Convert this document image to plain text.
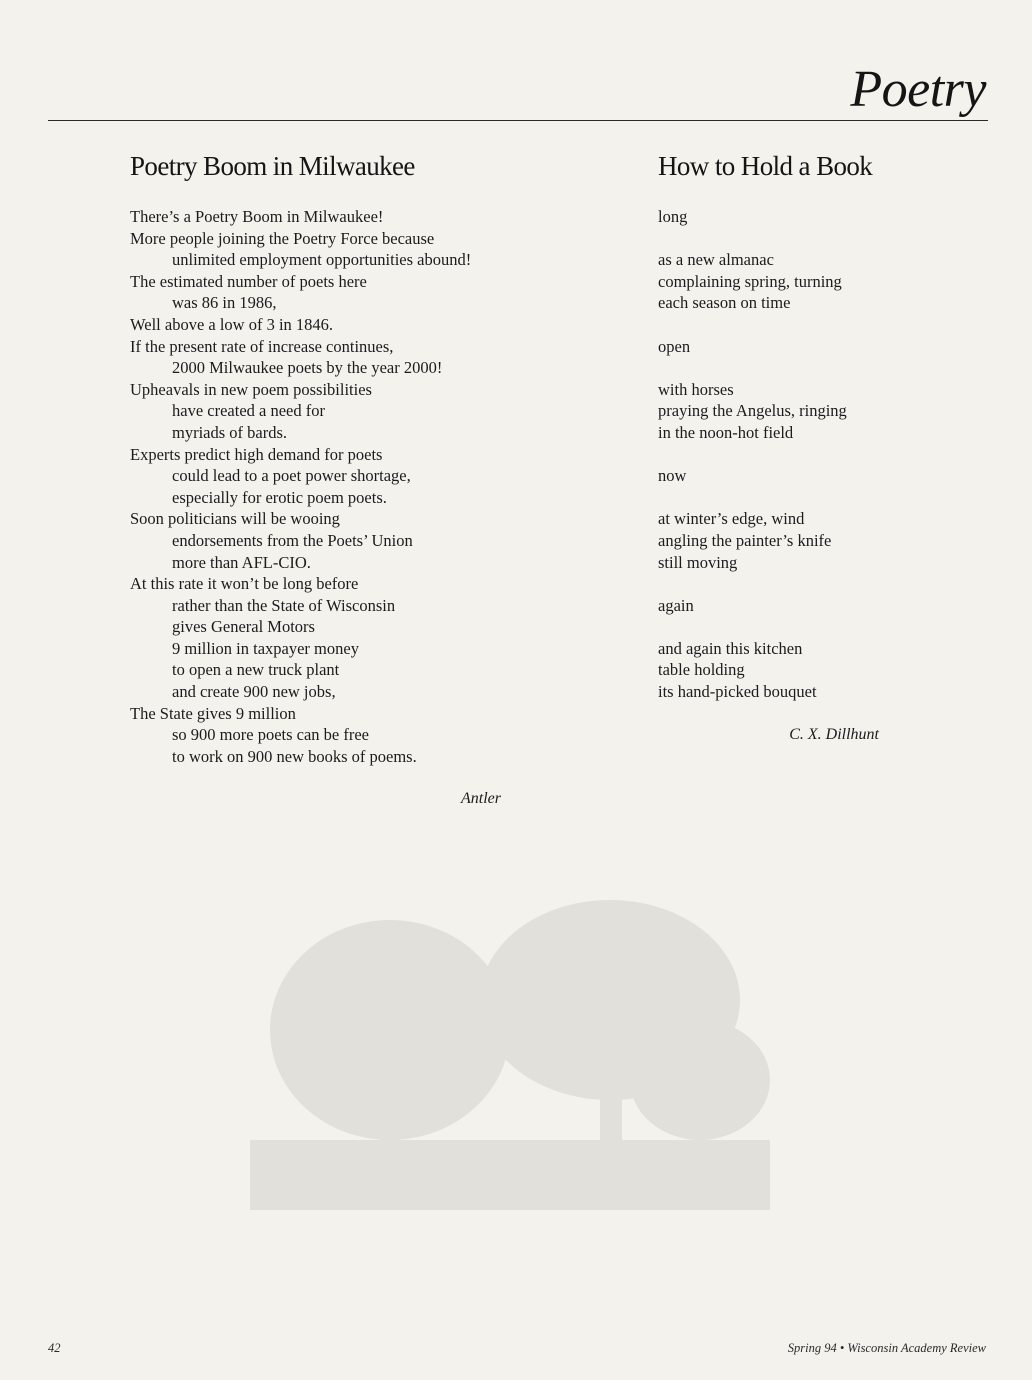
Poetry
Poetry Boom in Milwaukee
There’s a Poetry Boom in Milwaukee!
More people joining the Poetry Force because
unlimited employment opportunities abound!
The estimated number of poets here
was 86 in 1986,
Well above a low of 3 in 1846.
If the present rate of increase continues,
2000 Milwaukee poets by the year 2000!
Upheavals in new poem possibilities
have created a need for
myriads of bards.
Experts predict high demand for poets
could lead to a poet power shortage,
especially for erotic poem poets.
Soon politicians will be wooing
endorsements from the Poets’ Union
more than AFL-CIO.
At this rate it won’t be long before
rather than the State of Wisconsin
gives General Motors
9 million in taxpayer money
to open a new truck plant
and create 900 new jobs,
The State gives 9 million
so 900 more poets can be free
to work on 900 new books of poems.
Antler
How to Hold a Book
long
as a new almanac
complaining spring, turning
each season on time
open
with horses
praying the Angelus, ringing
in the noon-hot field
now
at winter’s edge, wind
angling the painter’s knife
still moving
again
and again this kitchen
table holding
its hand-picked bouquet
C. X. Dillhunt
42	Spring 94 • Wisconsin Academy Review
